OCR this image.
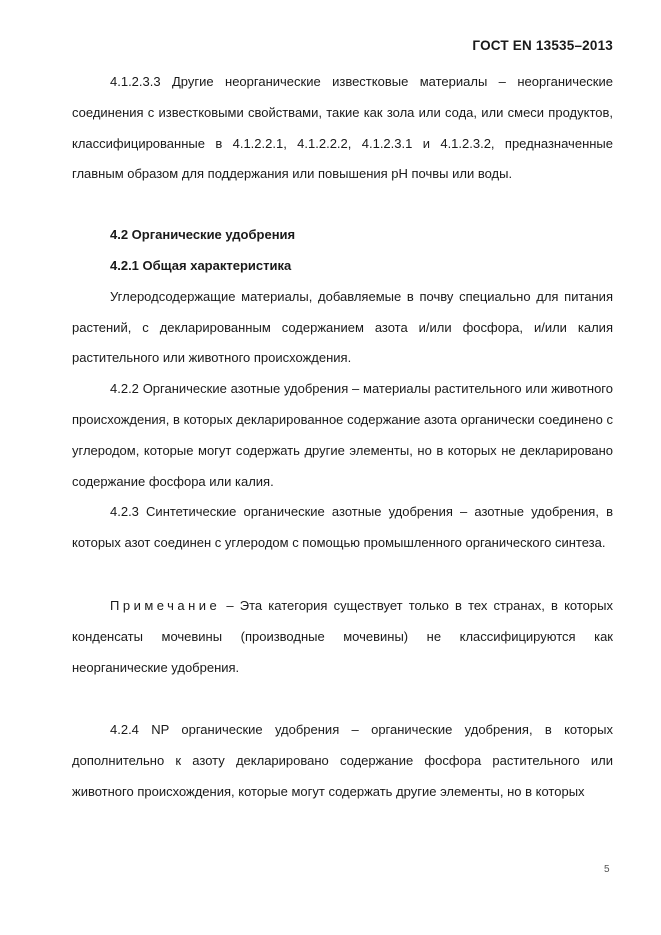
ГОСТ EN 13535–2013

4.1.2.3.3 Другие неорганические известковые материалы – неорганические соединения с известковыми свойствами, такие как зола или сода, или смеси продуктов, классифицированные в 4.1.2.2.1, 4.1.2.2.2, 4.1.2.3.1 и 4.1.2.3.2, предназначенные главным образом для поддержания или повышения pH почвы или воды.

4.2 Органические удобрения

4.2.1 Общая характеристика

Углеродсодержащие материалы, добавляемые в почву специально для питания растений, с декларированным содержанием азота и/или фосфора, и/или калия растительного или животного происхождения.

4.2.2 Органические азотные удобрения – материалы растительного или животного происхождения, в которых декларированное содержание азота органически соединено с углеродом, которые могут содержать другие элементы, но в которых не декларировано содержание фосфора или калия.

4.2.3 Синтетические органические азотные удобрения – азотные удобрения, в которых азот соединен с углеродом с помощью промышленного органического синтеза.

Примечание – Эта категория существует только в тех странах, в которых конденсаты мочевины (производные мочевины) не классифицируются как неорганические удобрения.

4.2.4 NP органические удобрения – органические удобрения, в которых дополнительно к азоту декларировано содержание фосфора растительного или животного происхождения, которые могут содержать другие элементы, но в которых

5
